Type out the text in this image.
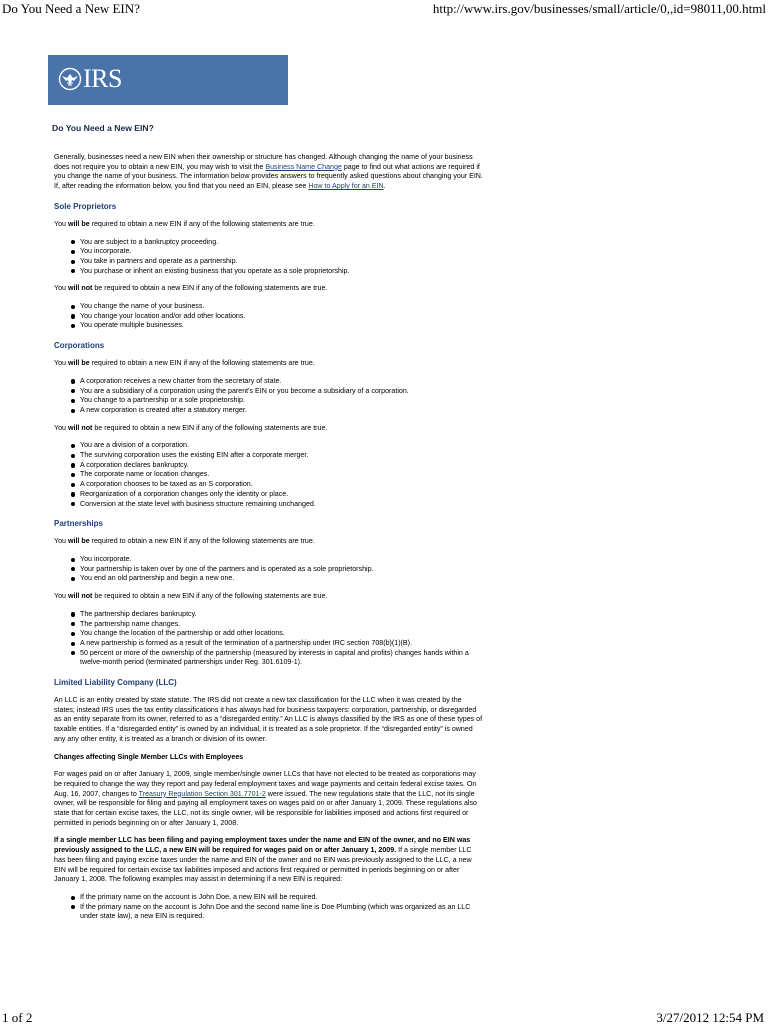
Do You Need a New EIN?	http://www.irs.gov/businesses/small/article/0,,id=98011,00.html
IRS
Do You Need a New EIN?

Generally, businesses need a new EIN when their ownership or structure has changed. Although changing the name of your business does not require you to obtain a new EIN, you may wish to visit the Business Name Change page to find out what actions are required if you change the name of your business. The information below provides answers to frequently asked questions about changing your EIN. If, after reading the information below, you find that you need an EIN, please see How to Apply for an EIN.

Sole Proprietors

You will be required to obtain a new EIN if any of the following statements are true.

You are subject to a bankruptcy proceeding.
You incorporate.
You take in partners and operate as a partnership.
You purchase or inherit an existing business that you operate as a sole proprietorship.

You will not be required to obtain a new EIN if any of the following statements are true.

You change the name of your business.
You change your location and/or add other locations.
You operate multiple businesses.
Corporations

You will be required to obtain a new EIN if any of the following statements are true.

A corporation receives a new charter from the secretary of state.
You are a subsidiary of a corporation using the parent's EIN or you become a subsidiary of a corporation.
You change to a partnership or a sole proprietorship.
A new corporation is created after a statutory merger.

You will not be required to obtain a new EIN if any of the following statements are true.

You are a division of a corporation.
The surviving corporation uses the existing EIN after a corporate merger.
A corporation declares bankruptcy.
The corporate name or location changes.
A corporation chooses to be taxed as an S corporation.
Reorganization of a corporation changes only the identity or place.
Conversion at the state level with business structure remaining unchanged.
Partnerships

You will be required to obtain a new EIN if any of the following statements are true.

You incorporate.
Your partnership is taken over by one of the partners and is operated as a sole proprietorship.
You end an old partnership and begin a new one.

You will not be required to obtain a new EIN if any of the following statements are true.

The partnership declares bankruptcy.
The partnership name changes.
You change the location of the partnership or add other locations.
A new partnership is formed as a result of the termination of a partnership under IRC section 708(b)(1)(B).
50 percent or more of the ownership of the partnership (measured by interests in capital and profits) changes hands within a twelve-month period (terminated partnerships under Reg. 301.6109-1).
Limited Liability Company (LLC)

An LLC is an entity created by state statute. The IRS did not create a new tax classification for the LLC when it was created by the states; instead IRS uses the tax entity classifications it has always had for business taxpayers: corporation, partnership, or disregarded as an entity separate from its owner, referred to as a “disregarded entity.” An LLC is always classified by the IRS as one of these types of taxable entities. If a “disregarded entity” is owned by an individual, it is treated as a sole proprietor. If the “disregarded entity” is owned any any other entity, it is treated as a branch or division of its owner.

Changes affecting Single Member LLCs with Employees

For wages paid on or after January 1, 2009, single member/single owner LLCs that have not elected to be treated as corporations may be required to change the way they report and pay federal employment taxes and wage payments and certain federal excise taxes. On Aug. 16, 2007, changes to Treasury Regulation Section 301.7701-2 were issued. The new regulations state that the LLC, not its single owner, will be responsible for filing and paying all employment taxes on wages paid on or after January 1, 2009. These regulations also state that for certain excise taxes, the LLC, not its single owner, will be responsible for liabilities imposed and actions first required or permitted in periods beginning on or after January 1, 2008.

If a single member LLC has been filing and paying employment taxes under the name and EIN of the owner, and no EIN was previously assigned to the LLC, a new EIN will be required for wages paid on or after January 1, 2009. If a single member LLC has been filing and paying excise taxes under the name and EIN of the owner and no EIN was previously assigned to the LLC, a new EIN will be required for certain excise tax liabilities imposed and actions first required or permitted in periods beginning on or after January 1, 2008. The following examples may assist in determining if a new EIN is required:

If the primary name on the account is John Doe, a new EIN will be required.
If the primary name on the account is John Doe and the second name line is Doe Plumbing (which was organized as an LLC under state law), a new EIN is required.
1 of 2	3/27/2012 12:54 PM
